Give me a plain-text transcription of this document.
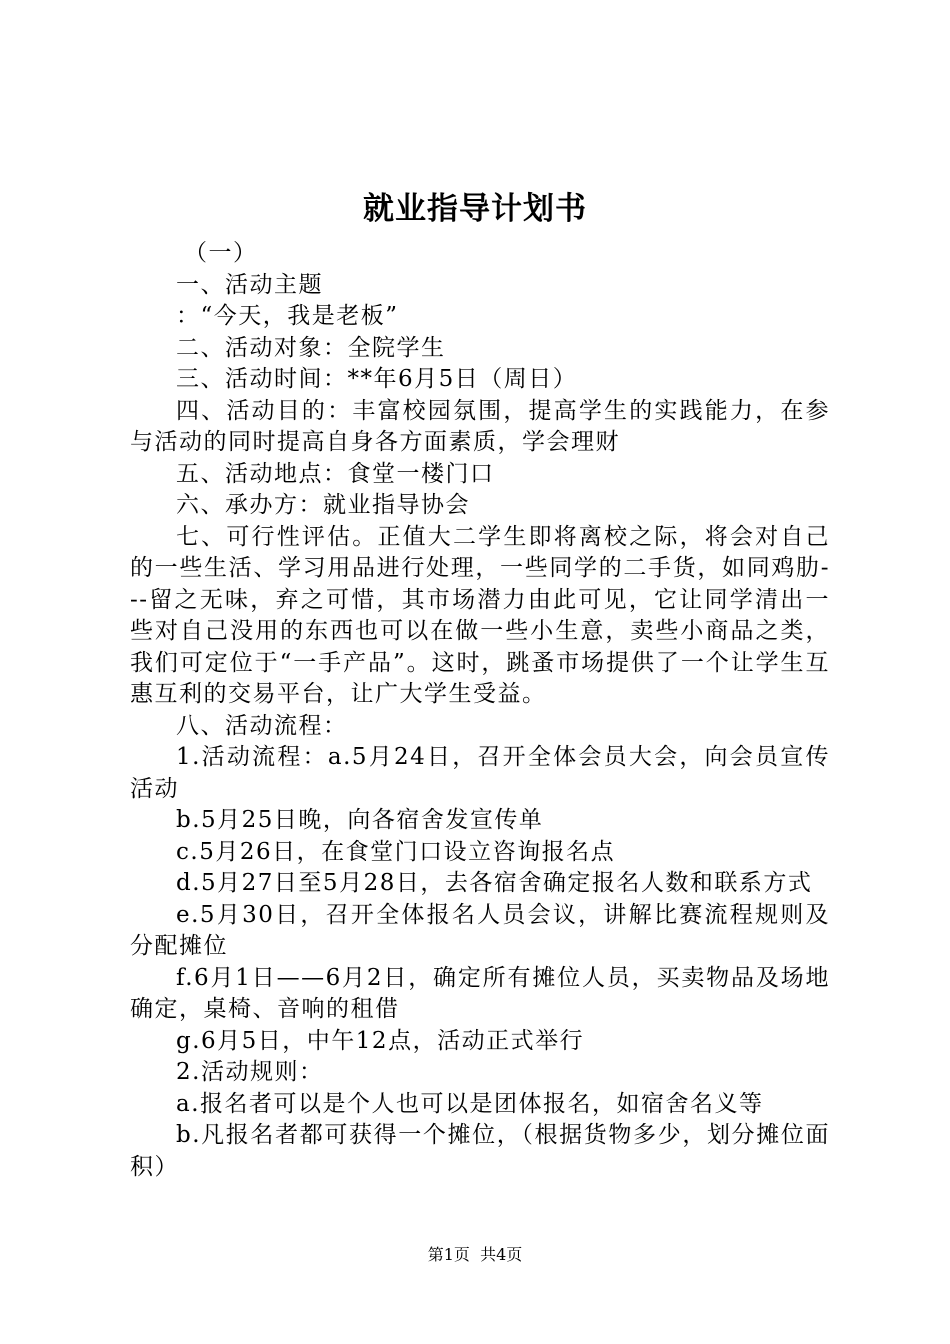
就业指导计划书

（一）

一、活动主题

：“今天，我是老板”

二、活动对象：全院学生

三、活动时间：**年6月5日（周日）

四、活动目的：丰富校园氛围，提高学生的实践能力，在参与活动的同时提高自身各方面素质，学会理财

五、活动地点：食堂一楼门口

六、承办方：就业指导协会

七、可行性评估。正值大二学生即将离校之际，将会对自己的一些生活、学习用品进行处理，一些同学的二手货，如同鸡肋---留之无味，弃之可惜，其市场潜力由此可见，它让同学清出一些对自己没用的东西也可以在做一些小生意，卖些小商品之类，我们可定位于“一手产品”。这时，跳蚤市场提供了一个让学生互惠互利的交易平台，让广大学生受益。

八、活动流程：

1.活动流程：a.5月24日，召开全体会员大会，向会员宣传活动

b.5月25日晚，向各宿舍发宣传单

c.5月26日，在食堂门口设立咨询报名点

d.5月27日至5月28日，去各宿舍确定报名人数和联系方式

e.5月30日，召开全体报名人员会议，讲解比赛流程规则及分配摊位

f.6月1日——6月2日，确定所有摊位人员，买卖物品及场地确定，桌椅、音响的租借

g.6月5日，中午12点，活动正式举行

2.活动规则：

a.报名者可以是个人也可以是团体报名，如宿舍名义等

b.凡报名者都可获得一个摊位，（根据货物多少，划分摊位面积）

第1页 共4页
